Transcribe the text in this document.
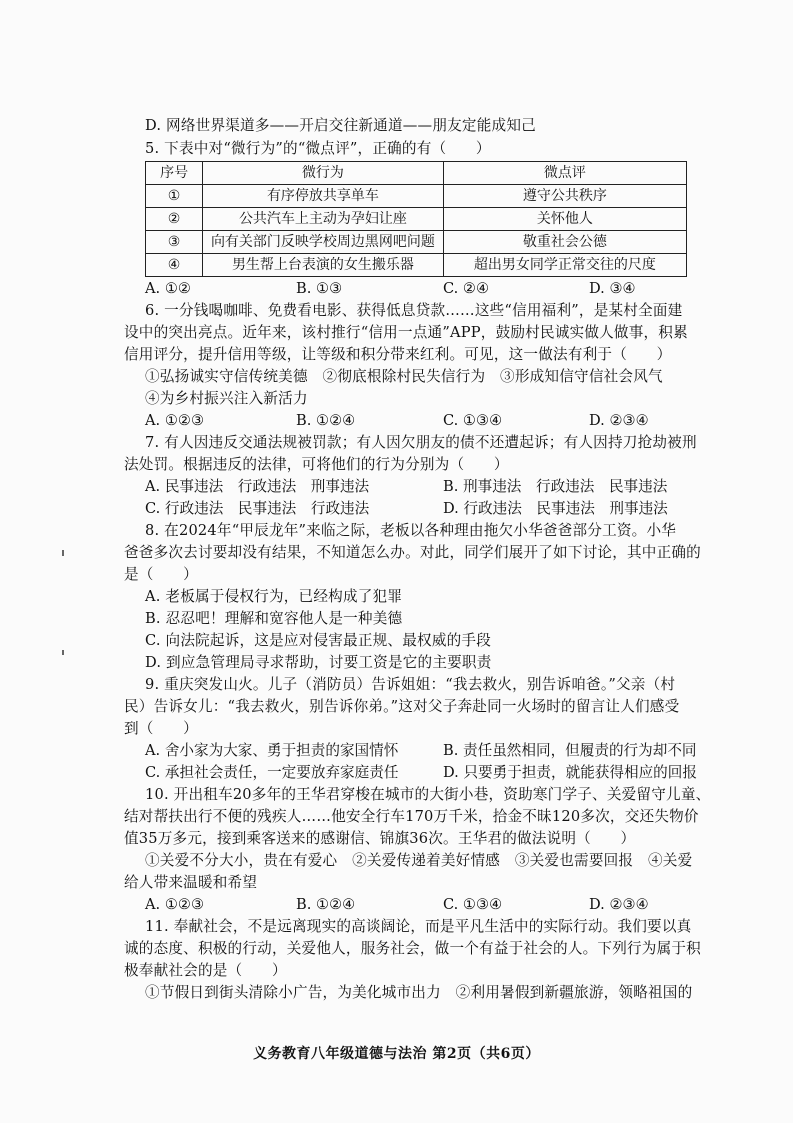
D. 网络世界渠道多——开启交往新通道——朋友定能成知己
5. 下表中对“微行为”的“微点评”，正确的有（　　）
序号	微行为	微点评
①	有序停放共享单车	遵守公共秩序
②	公共汽车上主动为孕妇让座	关怀他人
③	向有关部门反映学校周边黑网吧问题	敬重社会公德
④	男生帮上台表演的女生搬乐器	超出男女同学正常交往的尺度
A. ①②	B. ①③	C. ②④	D. ③④
6. 一分钱喝咖啡、免费看电影、获得低息贷款……这些“信用福利”，是某村全面建
设中的突出亮点。近年来，该村推行“信用一点通”APP，鼓励村民诚实做人做事，积累
信用评分，提升信用等级，让等级和积分带来红利。可见，这一做法有利于（　　）
①弘扬诚实守信传统美德　②彻底根除村民失信行为　③形成知信守信社会风气
④为乡村振兴注入新活力
A. ①②③	B. ①②④	C. ①③④	D. ②③④
7. 有人因违反交通法规被罚款；有人因欠朋友的债不还遭起诉；有人因持刀抢劫被刑
法处罚。根据违反的法律，可将他们的行为分别为（　　）
A. 民事违法　行政违法　刑事违法	B. 刑事违法　行政违法　民事违法
C. 行政违法　民事违法　行政违法	D. 行政违法　民事违法　刑事违法
8. 在2024年“甲辰龙年”来临之际，老板以各种理由拖欠小华爸爸部分工资。小华
爸爸多次去讨要却没有结果，不知道怎么办。对此，同学们展开了如下讨论，其中正确的
是（　　）
A. 老板属于侵权行为，已经构成了犯罪
B. 忍忍吧！理解和宽容他人是一种美德
C. 向法院起诉，这是应对侵害最正规、最权威的手段
D. 到应急管理局寻求帮助，讨要工资是它的主要职责
9. 重庆突发山火。儿子（消防员）告诉姐姐：“我去救火，别告诉咱爸。”父亲（村
民）告诉女儿：“我去救火，别告诉你弟。”这对父子奔赴同一火场时的留言让人们感受
到（　　）
A. 舍小家为大家、勇于担责的家国情怀	B. 责任虽然相同，但履责的行为却不同
C. 承担社会责任，一定要放弃家庭责任	D. 只要勇于担责，就能获得相应的回报
10. 开出租车20多年的王华君穿梭在城市的大街小巷，资助寒门学子、关爱留守儿童、
结对帮扶出行不便的残疾人……他安全行车170万千米，拾金不昧120多次，交还失物价
值35万多元，接到乘客送来的感谢信、锦旗36次。王华君的做法说明（　　）
①关爱不分大小，贵在有爱心　②关爱传递着美好情感　③关爱也需要回报　④关爱
给人带来温暖和希望
A. ①②③	B. ①②④	C. ①③④	D. ②③④
11. 奉献社会，不是远离现实的高谈阔论，而是平凡生活中的实际行动。我们要以真
诚的态度、积极的行动，关爱他人，服务社会，做一个有益于社会的人。下列行为属于积
极奉献社会的是（　　）
①节假日到街头清除小广告，为美化城市出力　②利用暑假到新疆旅游，领略祖国的
义务教育八年级道德与法治 第2页（共6页）
